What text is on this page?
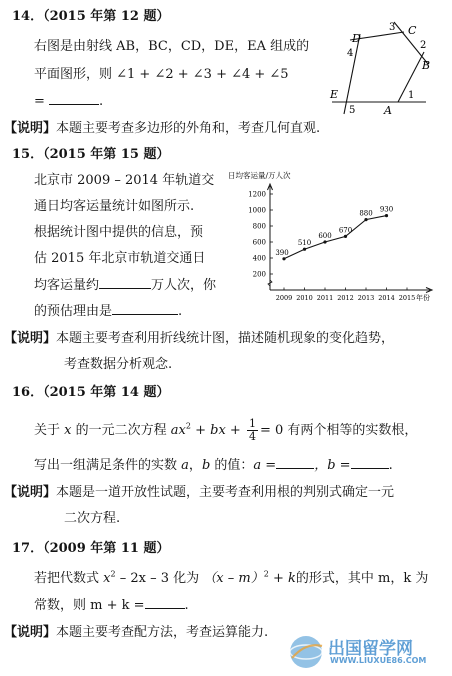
14．（2015 年第 12 题）
右图是由射线 AB，BC，CD，DE，EA 组成的
平面图形，则 ∠1 + ∠2 + ∠3 + ∠4 + ∠5
=	.
A
B
C
D
E	1
2
3
4
5
【说明】本题主要考查多边形的外角和，考查几何直观.
15．（2015 年第 15 题）
北京市 2009 – 2014 年轨道交
通日均客运量统计如图所示.
根据统计图中提供的信息，预
估 2015 年北京市轨道交通日
均客运量约	万人次，你
的预估理由是	.
日均客运量/万人次
年份
200
400
600
800
1000
1200
2009 2010 2011 2012 2013 2014 2015
390
510
600
670
880 930
【说明】本题主要考查利用折线统计图，描述随机现象的变化趋势，
考查数据分析观念.
16．（2015 年第 14 题）
关于 x 的一元二次方程 $ax^2$ + bx + $\frac{1}{4} = 0$ 有两个相等的实数根，
写出一组满足条件的实数 a，b 的值：a =	，b =	.
【说明】本题是一道开放性试题，主要考查利用根的判别式确定一元
二次方程.
17．（2009 年第 11 题）
若把代数式 $x^2 - 2x - 3$ 化为 （x – m）$^2$ + k的形式，其中 m，k 为
常数，则 m + k =	.
【说明】本题主要考查配方法，考查运算能力.
出国留学网
WWW.LIUXUE86.COM
